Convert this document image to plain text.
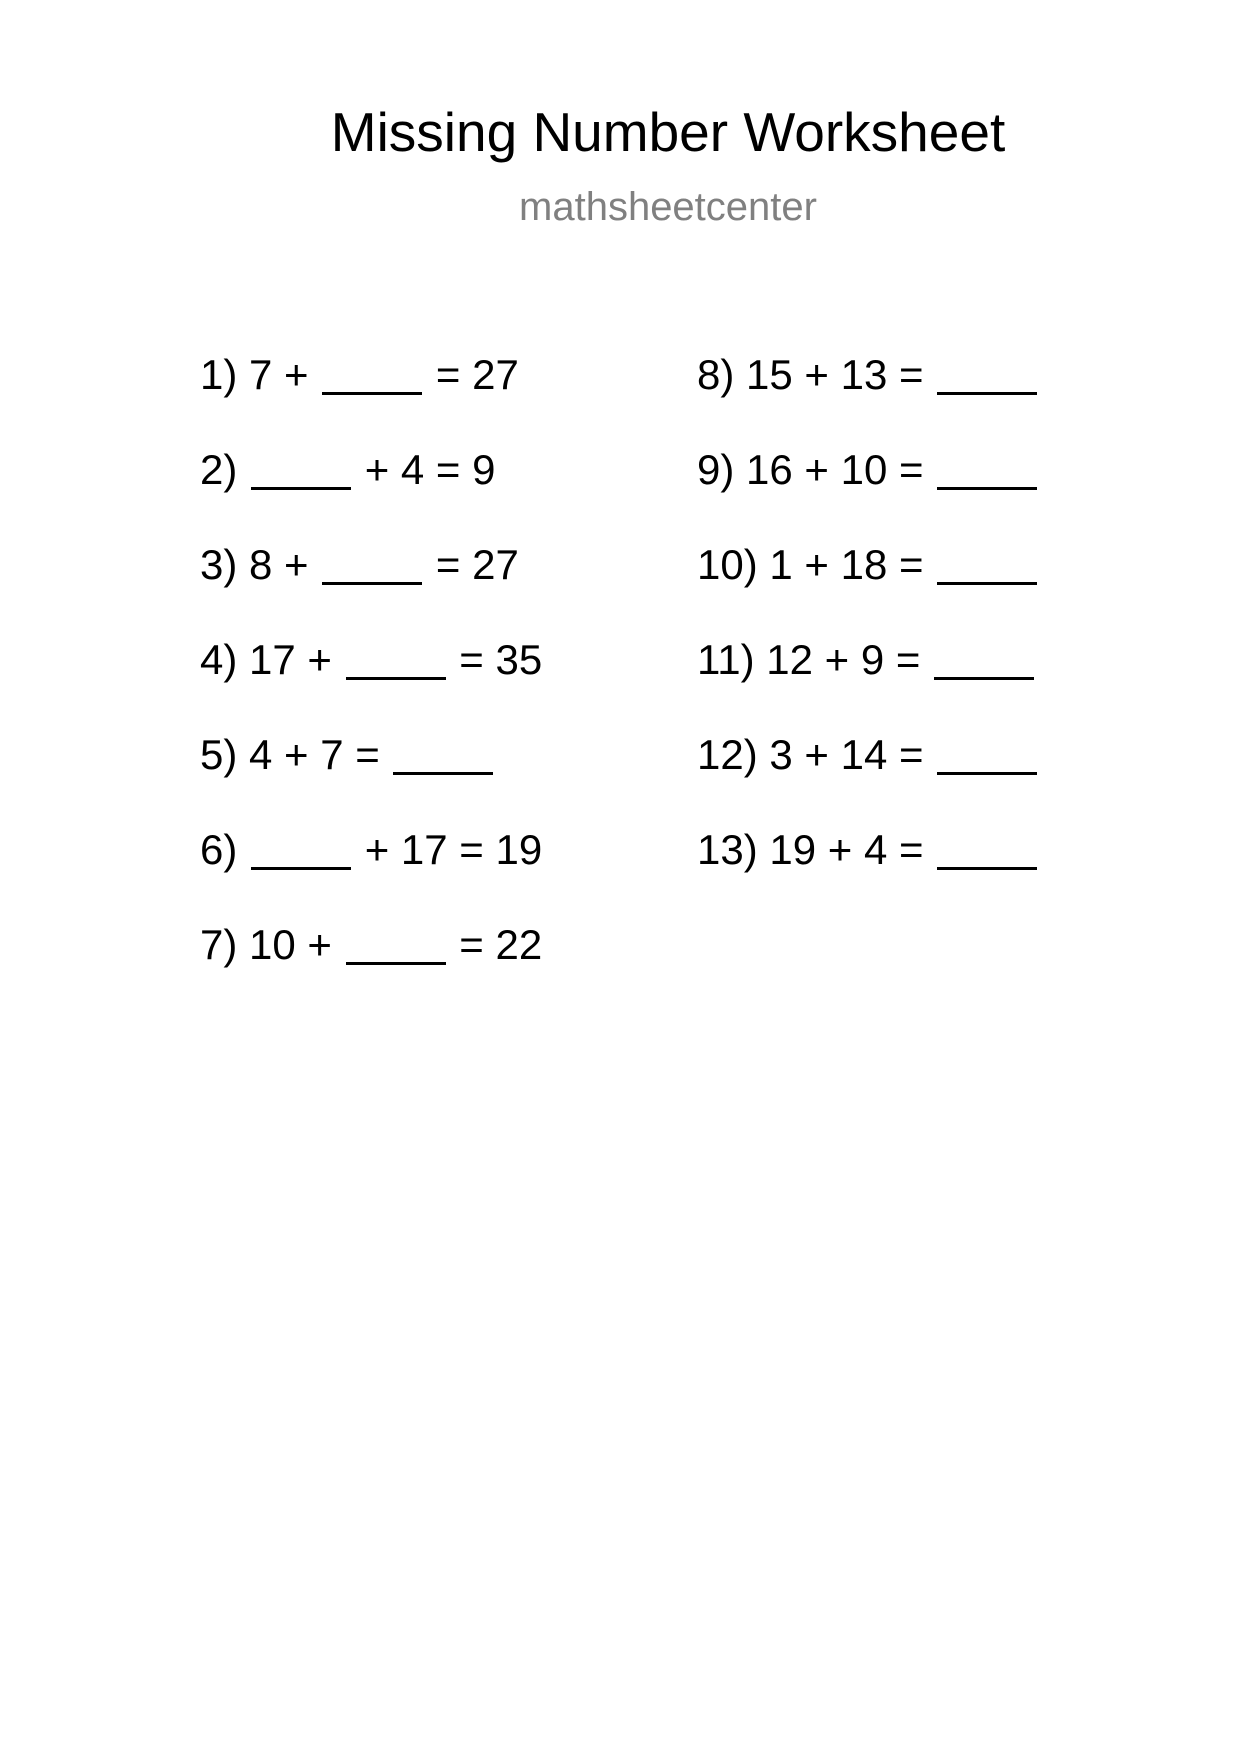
Missing Number Worksheet
mathsheetcenter
1)
7 + = 27
2)
	+ 4 = 9
3)
8 + = 27
4)
17 + = 35
5)
4 + 7 =
6)
	+ 17 = 19
7)
10 + = 22
8)
15 + 13 =
9)
16 + 10 =
10)
1 + 18 =
11)
12 + 9 =
12)
3 + 14 =
13)
19 + 4 =
